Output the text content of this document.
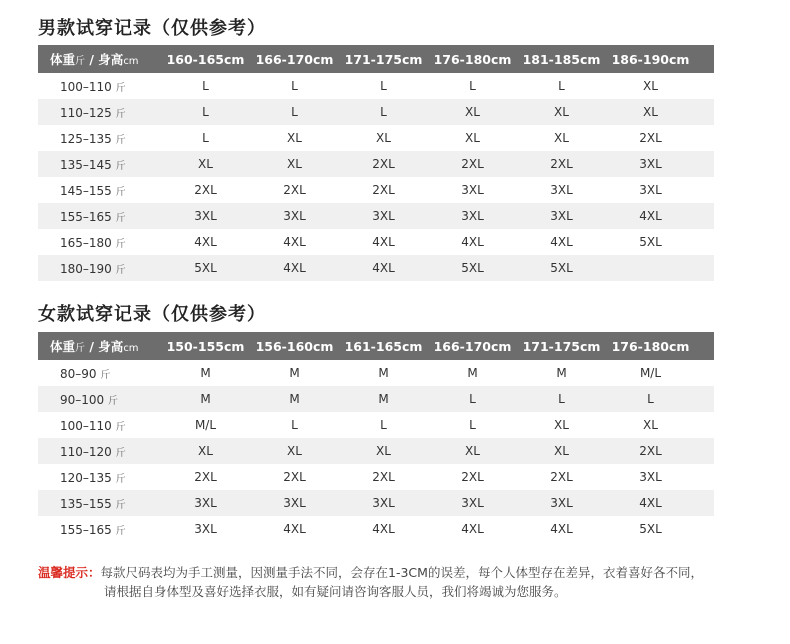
男款试穿记录（仅供参考）
体重斤 / 身高cm	160-165cm 166-170cm 171-175cm 176-180cm 181-185cm 186-190cm
100–110 斤	L	L	L	L	L	XL
110–125 斤	L	L	L	XL	XL	XL
125–135 斤	L	XL	XL	XL	XL	2XL
135–145 斤	XL	XL	2XL	2XL	2XL	3XL
145–155 斤	2XL	2XL	2XL	3XL	3XL	3XL
155–165 斤	3XL	3XL	3XL	3XL	3XL	4XL
165–180 斤	4XL	4XL	4XL	4XL	4XL	5XL
180–190 斤	5XL	4XL	4XL	5XL	5XL
女款试穿记录（仅供参考）
体重斤 / 身高cm	150-155cm 156-160cm 161-165cm 166-170cm 171-175cm 176-180cm
80–90 斤	M	M	M	M	M	M/L
90–100 斤	M	M	M	L	L	L
100–110 斤	M/L	L	L	L	XL	XL
110–120 斤	XL	XL	XL	XL	XL	2XL
120–135 斤	2XL	2XL	2XL	2XL	2XL	3XL
135–155 斤	3XL	3XL	3XL	3XL	3XL	4XL
155–165 斤	3XL	4XL	4XL	4XL	4XL	5XL
温馨提示：每款尺码表均为手工测量，因测量手法不同，会存在1-3CM的误差，每个人体型存在差异，衣着喜好各不同，
请根据自身体型及喜好选择衣服，如有疑问请咨询客服人员，我们将竭诚为您服务。
